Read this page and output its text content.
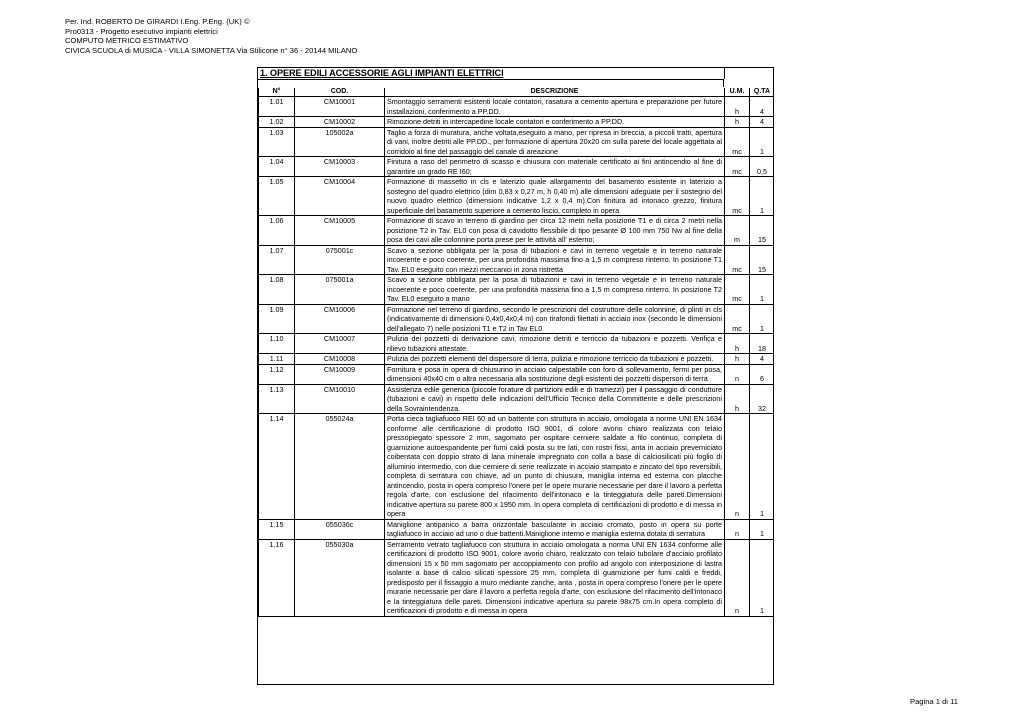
Per. Ind. ROBERTO De GIRARDI I.Eng. P.Eng. (UK) ©
Pro0313 - Progetto esecutivo impianti elettrici
COMPUTO METRICO ESTIMATIVO
CIVICA SCUOLA di MUSICA - VILLA SIMONETTA Via Stilicone n° 36 - 20144 MILANO
1. OPERE EDILI ACCESSORIE AGLI IMPIANTI ELETTRICI
N°	COD.	DESCRIZIONE	U.M.	Q.TA
1.01	CM10001	Smontaggio serramenti esistenti locale contatori, rasatura a cemento apertura e preparazione per future installazioni, conferimento a PP.DD.	h	4
1.02	CM10002	Rimozione detriti in intercapedine locale contatori e conferimento a PP.DD.	h	4
1.03	105002a	Taglio a forza di muratura, anche voltata,eseguito a mano, per ripresa in breccia, a piccoli tratti, apertura di vani, inoltre detriti alle PP.DD., per formazione di apertura 20x20 cm sulla parete del locale aggettata al corridoio al fine del passaggio del canale di areazione	mc	1
1.04	CM10003	Finitura a raso del perimetro di scasso e chiusura con materiale certificato ai fini antincendio al fine di garantire un grado RE I60;	mc	0,5
1.05	CM10004	Formazione di massetto in cls e laterizio quale allargamento del basamento esistente in laterizio a sostegno del quadro elettrico (dim 0,83 x 0,27 m, h 0,40 m) alle dimensioni adeguate per il sostegno del nuovo quadro elettrico (dimensioni indicative 1,2 x 0,4 m).Con finitura ad intonaco grezzo, finitura superficiale del basamento superiore a cemento liscio, completo in opera	mc	1
1.06	CM10005	Formazione di scavo in terreno di giardino per circa 12 metri nella posizione T1 e di circa 2 metri nella posizione T2 in Tav. EL0 con posa di cavidotto flessibile di tipo pesante Ø 100 mm 750 Nw al fine della posa dei cavi alle colonnine porta prese per le attività all' esterno;	m	15
1.07	075001c	Scavo a sezione obbligata per la posa di tubazioni e cavi in terreno vegetale e in terreno naturale incoerente e poco coerente, per una profondità massima fino a 1,5 m compreso rinterro. In posizione T1 Tav. EL0 eseguito con mezzi meccanici in zona ristretta	mc	15
1.08	075001a	Scavo a sezione obbligata per la posa di tubazioni e cavi in terreno vegetale e in terreno naturale incoerente e poco coerente, per una profondità massima fino a 1,5 m compreso rinterro. In posizione T2 Tav. EL0 eseguito a mano	mc	1
1.09	CM10006	Formazione nel terreno di giardino, secondo le prescrizioni del costruttore delle colonnine, di plinti in cls (indicativamente di dimensioni 0,4x0,4x0,4 m) con tirafondi filettati in acciaio inox (secondo le dimensioni dell'allegato 7) nelle posizioni T1 e T2 in Tav EL0	mc	1
1.10	CM10007	Pulizia dei pozzetti di derivazione cavi, rimozione detriti e terriccio da tubazioni e pozzetti. Verifica e rilievo tubazioni attestate.	h	18
1.11	CM10008	Pulizia dei pozzetti elementi del dispersore di terra, pulizia e rimozione terriccio da tubazioni e pozzetti.	h	4
1.12	CM10009	Fornitura e posa in opera di chiusurino in acciaio calpestabile con foro di sollevamento, fermi per posa, dimensioni 40x40 cm o altra necessaria alla sostituzione degli esistenti dei pozzetti dispersori di terra	n	6
1.13	CM10010	Assistenza edile generica (piccole forature di partizioni edili e di tramezzi) per il passaggio di condutture (tubazioni e cavi) in rispetto delle indicazioni dell'Ufficio Tecnico della Committente e delle prescrizioni della Sovraintendenza.	h	32
1.14	055024a	Porta cieca tagliafuoco REI 60 ad un battente con struttura in acciaio, omologata a norme UNI EN 1634 conforme alle certificazione di prodotto ISO 9001, di colore avorio chiaro realizzata con telaio pressopiegato spessore 2 mm, sagomato per ospitare cerniere saldate a filo continuo, completa di guarnizione autoespandente per fumi caldi posta su tre lati, con rostri fissi, anta in acciaio preverniciato coibentata con doppio strato di lana minerale impregnato con colla a base di calciosilicati più foglio di alluminio intermedio, con due cerniere di serie realizzate in acciaio stampato e zincato del tipo reversibili, completa di serratura con chiave, ad un punto di chiusura, maniglia interna ed esterna con placche antincendio, posta in opera compreso l'onere per le opere murarie necessarie per dare il lavoro a perfetta regola d'arte, con esclusione del rifacimento dell'intonaco e la tinteggiatura delle pareti.Dimensioni indicative apertura su parete 800 x 1950 mm. In opera completa di certificazioni di prodotto e di messa in opera	n	1
1.15	055036c	Maniglione antipanico a barra orizzontale basculante in acciaio cromato, posto in opera su porte tagliafuoco in acciaio ad uno o due battenti.Maniglione interno e maniglia esterna dotata di serratura	n	1
1.16	055030a	Serramento vetrato tagliafuoco con struttura in acciaio omologata a norma UNI EN 1634 conforme alle certificazioni di prodotto ISO 9001, colore avorio chiaro, realizzato con telaio tubolare d'acciaio profilato dimensioni 15 x 50 mm sagomato per accoppiamento con profilo ad angolo con interposizione di lastra isolante a base di calcio silicati spessore 25 mm, completa di guarnizione per fumi caldi e freddi, predisposto per il fissaggio a muro mediante zanche, anta , posta in opera compreso l'onere per le opere murarie necessarie per dare il lavoro a perfetta regola d'arte, con esclusione del rifacimento dell'intonaco e la tinteggiatura delle pareti. Dimensioni indicative apertura su parete 98x75 cm.In opera completo di certificazioni di prodotto e di messa in opera	n	1
Pagina 1 di 11
